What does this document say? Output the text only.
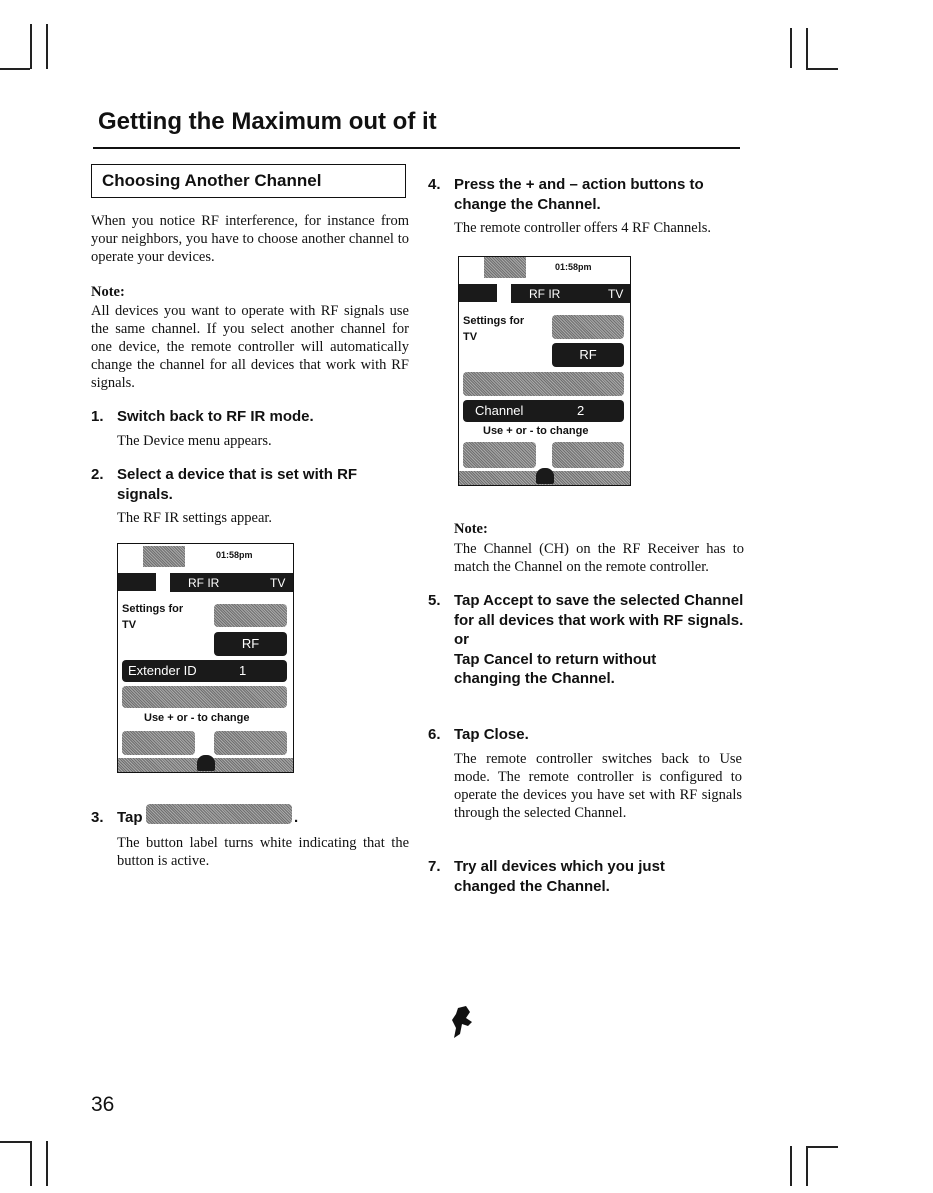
Getting the Maximum out of it
Choosing Another Channel
When you notice RF interference, for instance from your neighbors, you have to choose another channel to operate your devices.
Note:
All devices you want to operate with RF signals use the same channel. If you select another channel for one device, the remote controller will automatically change the channel for all devices that work with RF signals.
1. Switch back to RF IR mode.
The Device menu appears.
2. Select a device that is set with RF signals.
The RF IR settings appear.
01:58pm
RF IR	TV
Settings for
TV
RF
Extender ID	1
Use + or - to change
3. Tap	.
The button label turns white indicating that the button is active.
4. Press the + and – action buttons to change the Channel.
The remote controller offers 4 RF Channels.
01:58pm
RF IR	TV
Settings for
TV
RF
Channel	2
Use + or - to change
Note:
The Channel (CH) on the RF Receiver has to match the Channel on the remote controller.
5. Tap Accept to save the selected Channel for all devices that work with RF signals.

or

Tap Cancel to return without changing the Channel.

6. Tap Close.
The remote controller switches back to Use mode. The remote controller is configured to operate the devices you have set with RF signals through the selected Channel.
7. Try all devices which you just changed the Channel.
36
